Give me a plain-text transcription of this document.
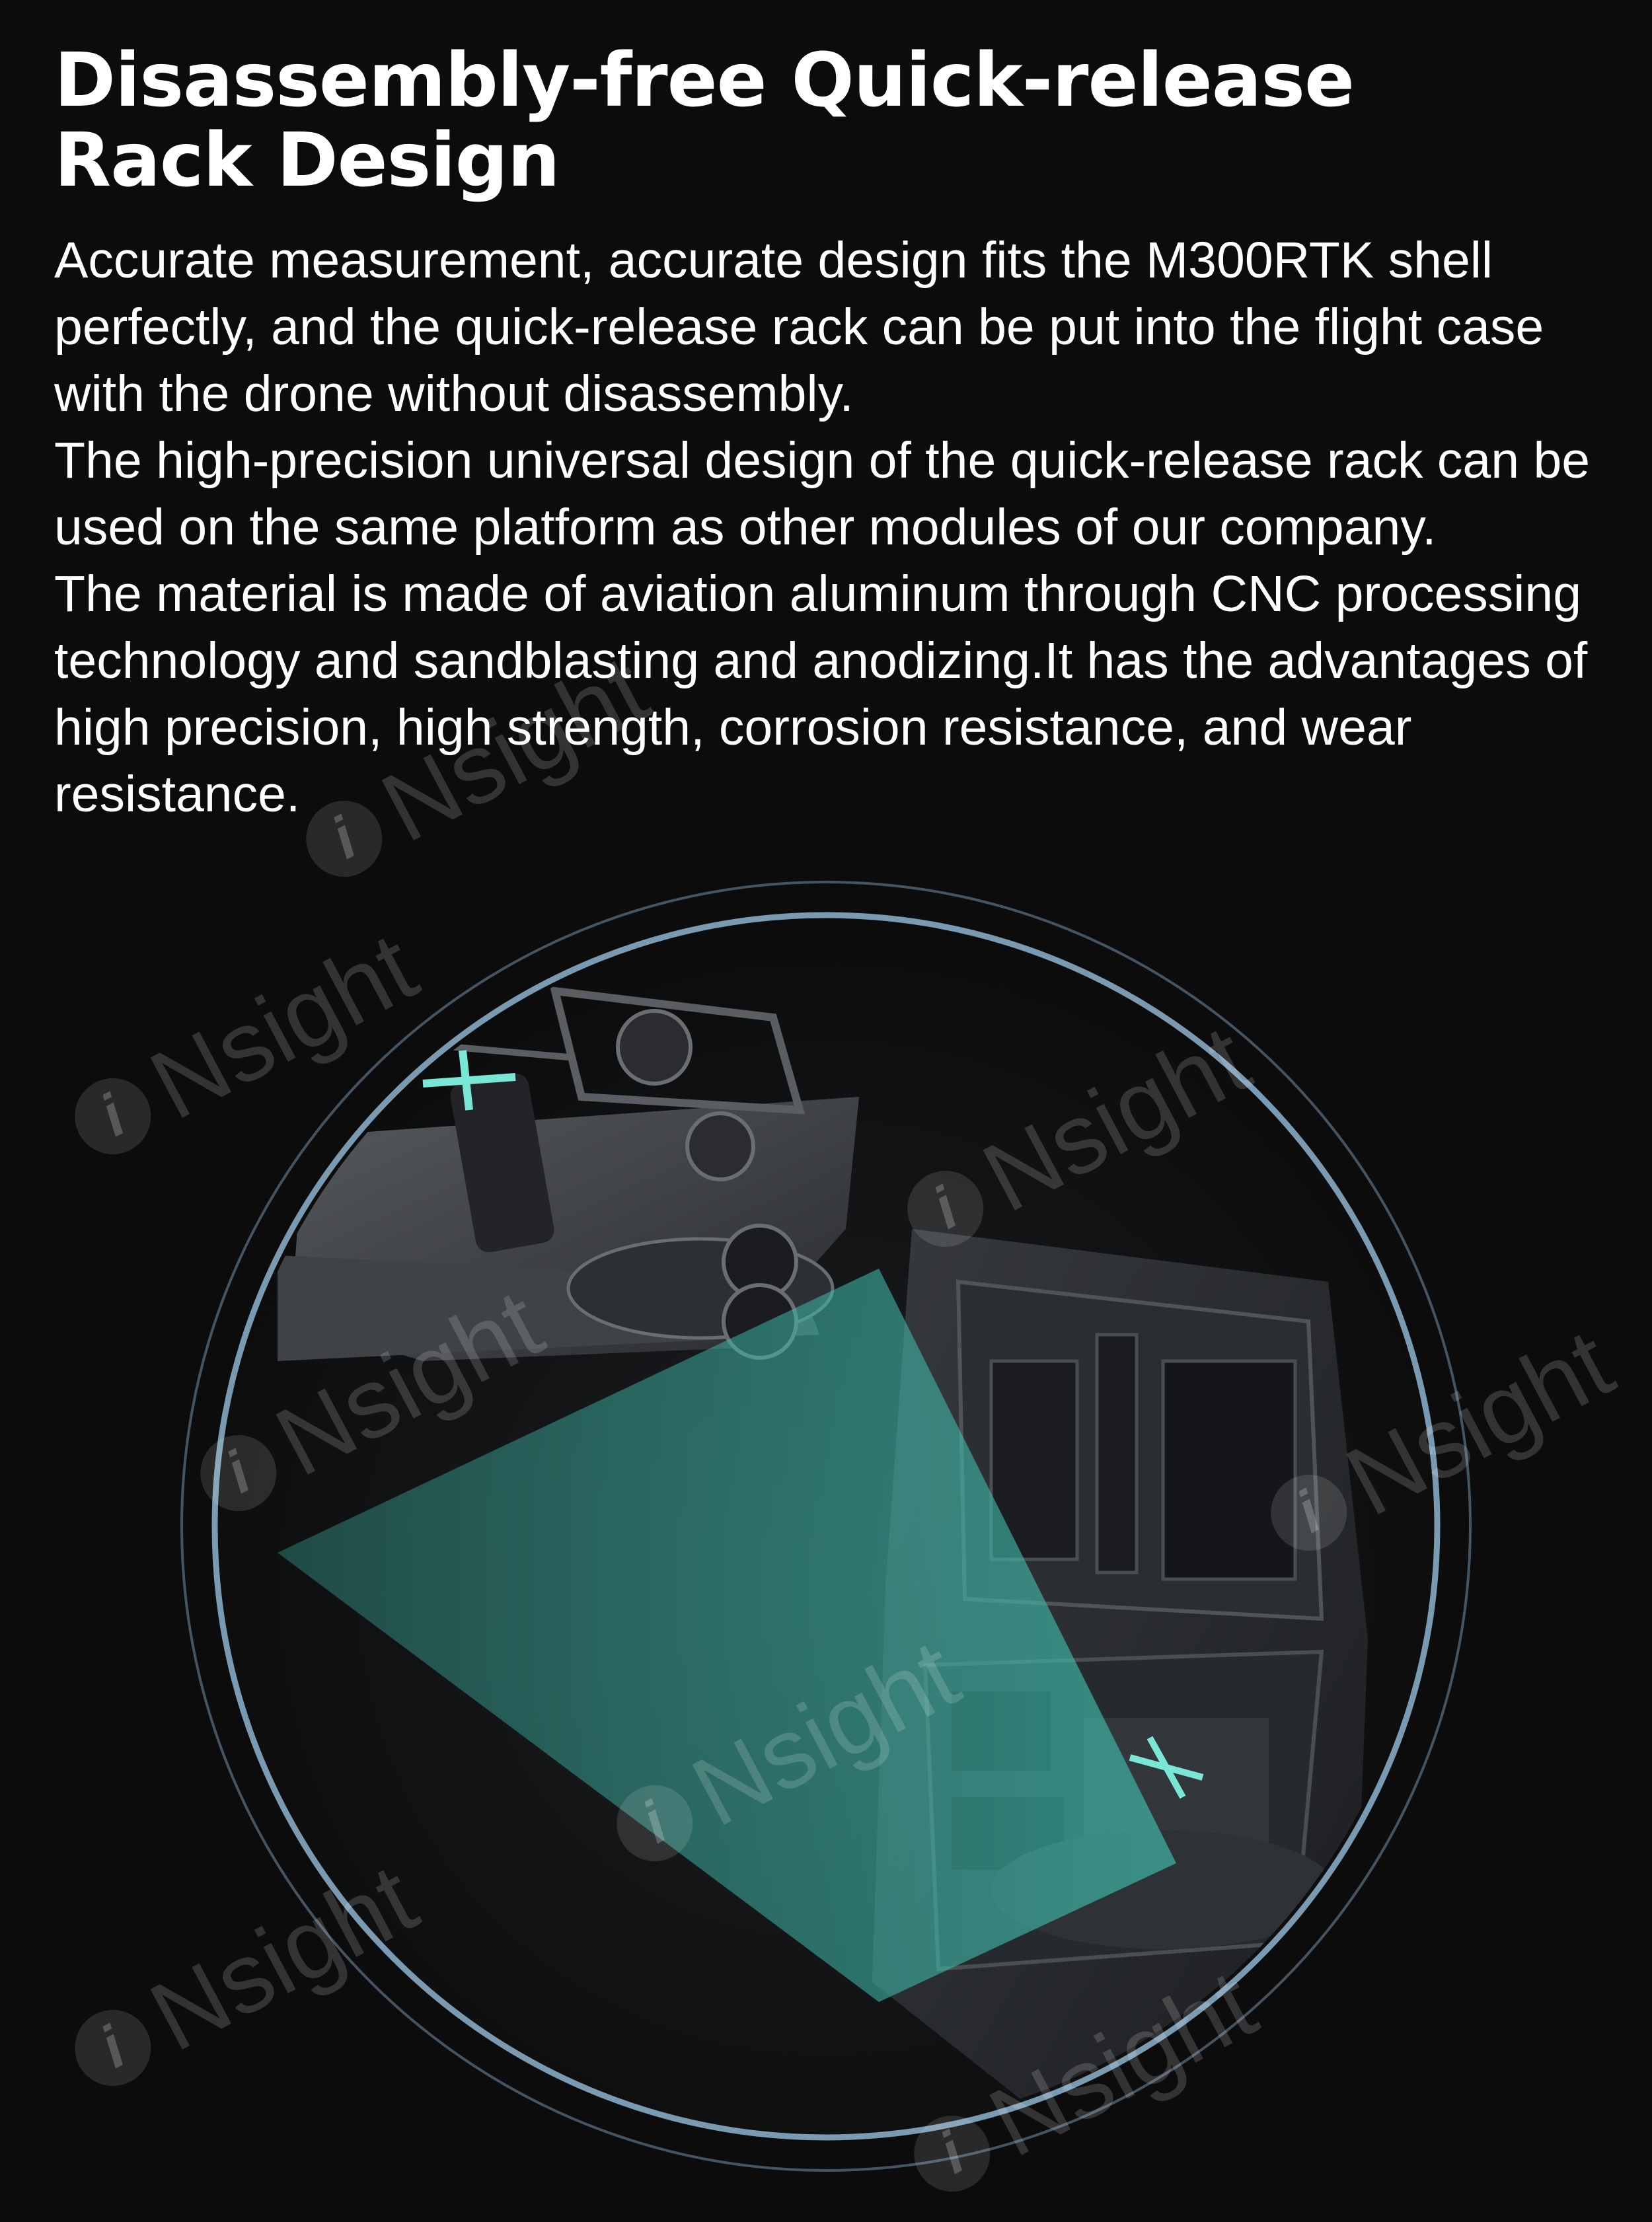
Disassembly-free Quick-release
Rack Design

Accurate measurement, accurate design fits the M300RTK shell perfectly, and the quick-release rack can be put into the flight case with the drone without disassembly.

The high-precision universal design of the quick-release rack can be used on the same platform as other modules of our company.

The material is made of aviation aluminum through CNC processing technology and sandblasting and anodizing.It has the advantages of high precision, high strength, corrosion resistance, and wear resistance.

i
Nsight
i
Nsight
i
i
i
Nsight
i
i
Nsight
i
